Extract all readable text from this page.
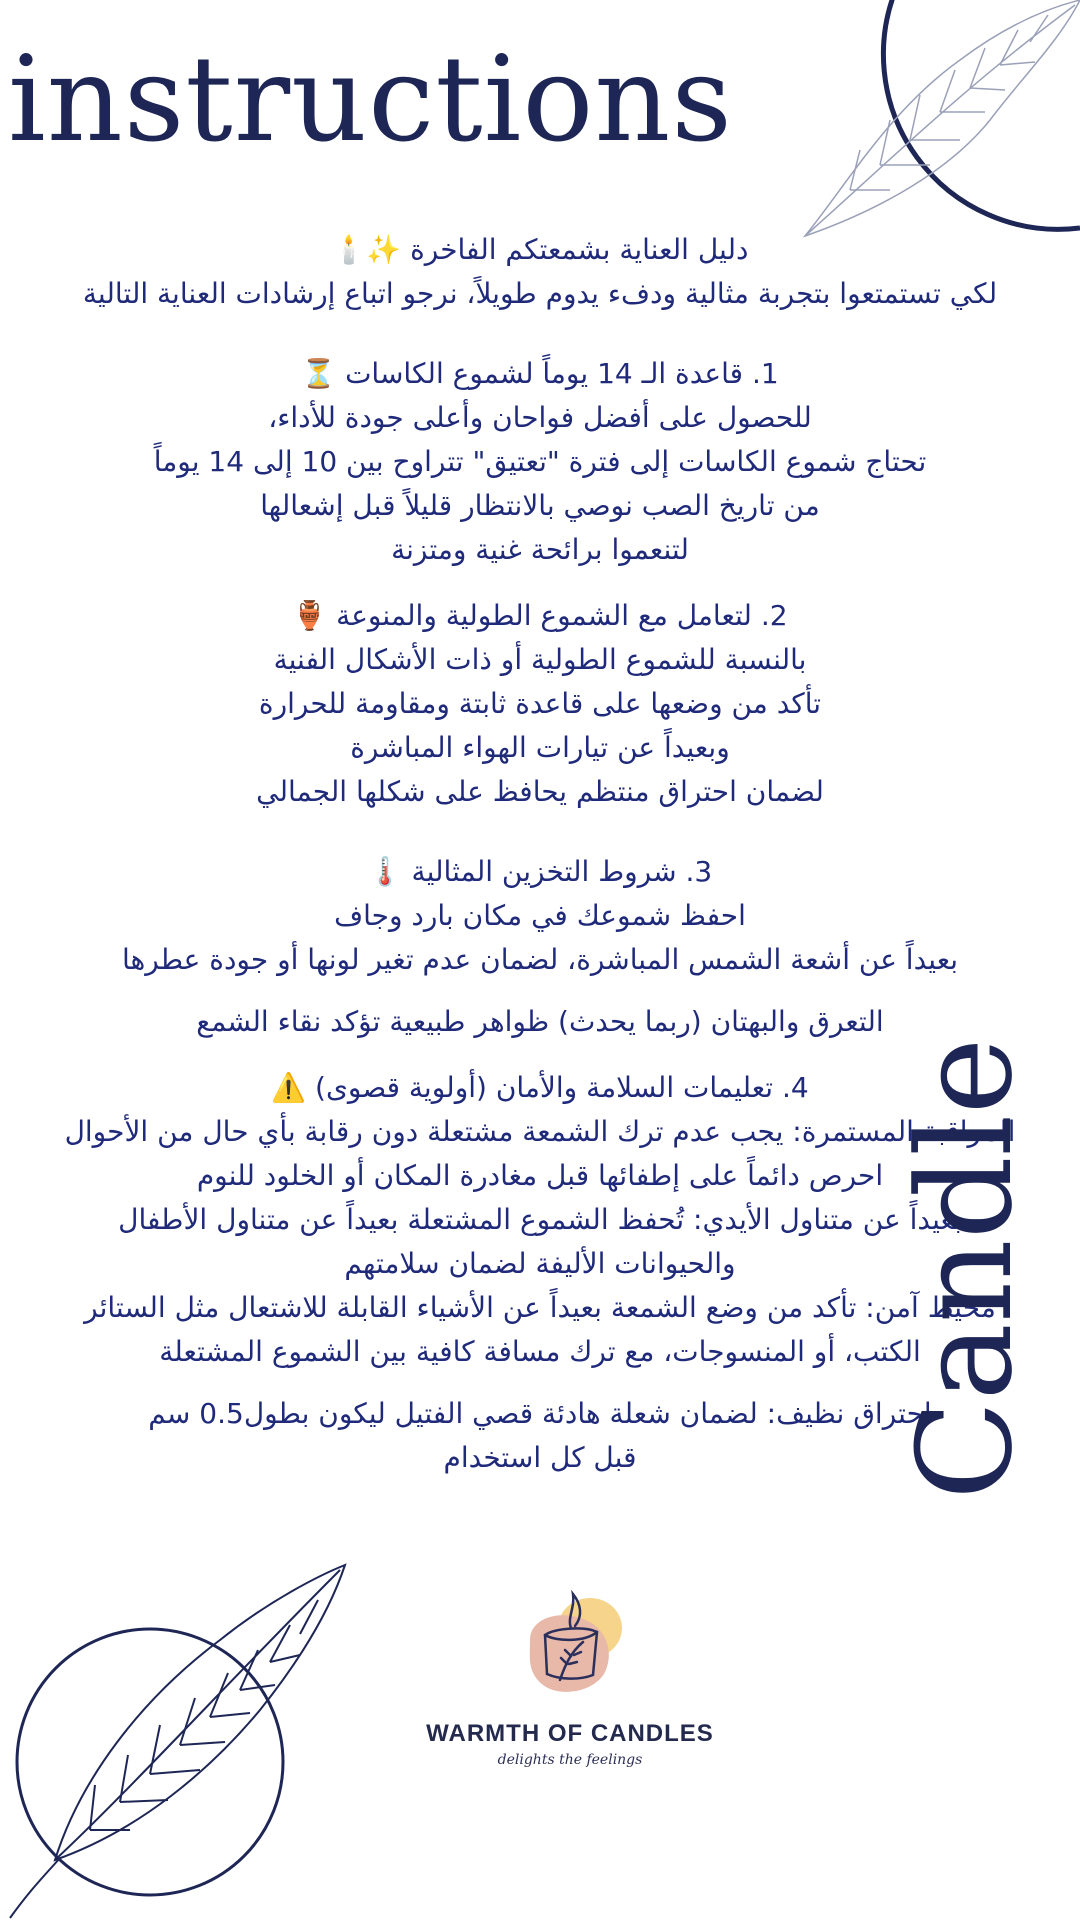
instructions
دليل العناية بشمعتكم الفاخرة ✨🕯️
لكي تستمتعوا بتجربة مثالية ودفء يدوم طويلاً، نرجو اتباع إرشادات العناية التالية
1. قاعدة الـ 14 يوماً لشموع الكاسات ⏳
للحصول على أفضل فواحان وأعلى جودة للأداء،
تحتاج شموع الكاسات إلى فترة "تعتيق" تتراوح بين 10 إلى 14 يوماً
من تاريخ الصب نوصي بالانتظار قليلاً قبل إشعالها
لتنعموا برائحة غنية ومتزنة
2. لتعامل مع الشموع الطولية والمنوعة 🏺
بالنسبة للشموع الطولية أو ذات الأشكال الفنية
تأكد من وضعها على قاعدة ثابتة ومقاومة للحرارة
وبعيداً عن تيارات الهواء المباشرة
لضمان احتراق منتظم يحافظ على شكلها الجمالي
3. شروط التخزين المثالية 🌡️
احفظ شموعك في مكان بارد وجاف
بعيداً عن أشعة الشمس المباشرة، لضمان عدم تغير لونها أو جودة عطرها
التعرق والبهتان (ربما يحدث) ظواهر طبيعية تؤكد نقاء الشمع
4. تعليمات السلامة والأمان (أولوية قصوى) ⚠️
المراقبة المستمرة: يجب عدم ترك الشمعة مشتعلة دون رقابة بأي حال من الأحوال
احرص دائماً على إطفائها قبل مغادرة المكان أو الخلود للنوم
بعيداً عن متناول الأيدي: تُحفظ الشموع المشتعلة بعيداً عن متناول الأطفال
والحيوانات الأليفة لضمان سلامتهم
محيط آمن: تأكد من وضع الشمعة بعيداً عن الأشياء القابلة للاشتعال مثل الستائر
الكتب، أو المنسوجات، مع ترك مسافة كافية بين الشموع المشتعلة
احتراق نظيف: لضمان شعلة هادئة قصي الفتيل ليكون بطول0.5 سم
قبل كل استخدام
WARMTH OF CANDLES
delights the feelings
Candle
